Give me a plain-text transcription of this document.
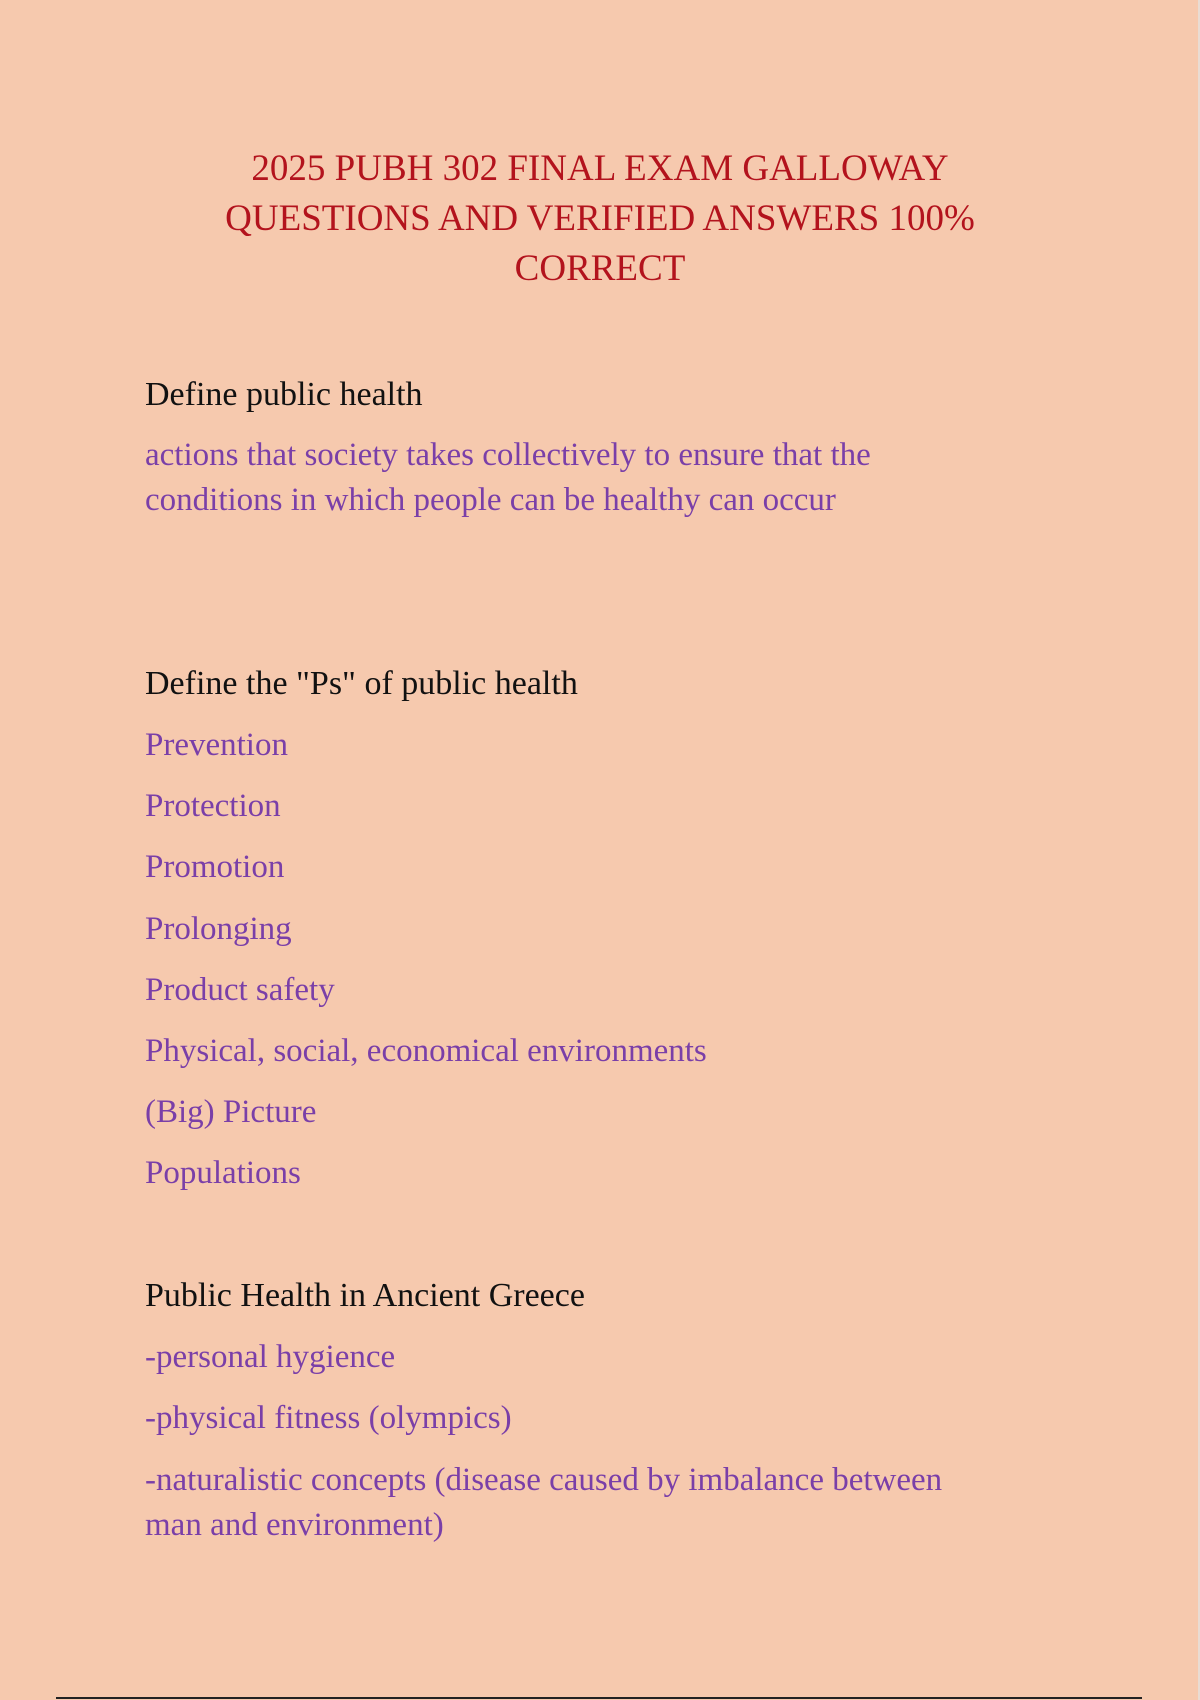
2025 PUBH 302 FINAL EXAM GALLOWAY
QUESTIONS AND VERIFIED ANSWERS 100%
CORRECT
Define public health
actions that society takes collectively to ensure that the
conditions in which people can be healthy can occur
Define the "Ps" of public health
Prevention
Protection
Promotion
Prolonging
Product safety
Physical, social, economical environments
(Big) Picture
Populations
Public Health in Ancient Greece
-personal hygience
-physical fitness (olympics)
-naturalistic concepts (disease caused by imbalance between
man and environment)
